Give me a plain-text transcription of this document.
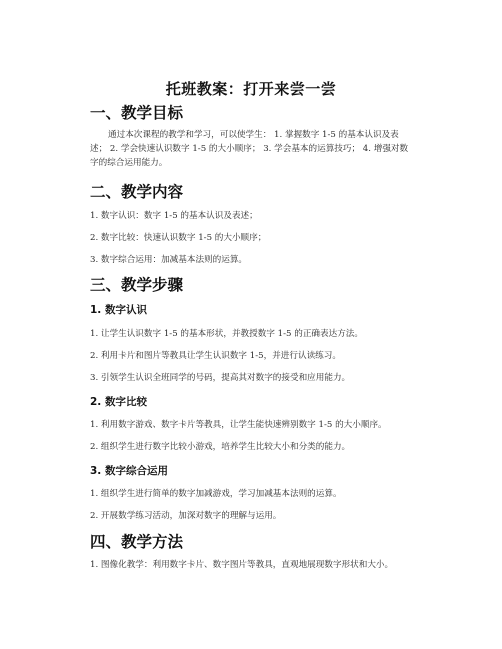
托班教案：打开来尝一尝
一、教学目标
通过本次课程的教学和学习，可以使学生： 1. 掌握数字 1-5 的基本认识及表
述； 2. 学会快速认识数字 1-5 的大小顺序； 3. 学会基本的运算技巧； 4. 增强对数
字的综合运用能力。
二、教学内容
1. 数字认识：数字 1-5 的基本认识及表述；
2. 数字比较：快速认识数字 1-5 的大小顺序；
3. 数字综合运用：加减基本法则的运算。
三、教学步骤
1. 数字认识
1. 让学生认识数字 1-5 的基本形状，并教授数字 1-5 的正确表达方法。
2. 利用卡片和图片等教具让学生认识数字 1-5，并进行认读练习。
3. 引领学生认识全班同学的号码，提高其对数字的接受和应用能力。
2. 数字比较
1. 利用数字游戏、数字卡片等教具，让学生能快速辨别数字 1-5 的大小顺序。
2. 组织学生进行数字比较小游戏，培养学生比较大小和分类的能力。
3. 数字综合运用
1. 组织学生进行简单的数字加减游戏，学习加减基本法则的运算。
2. 开展数学练习活动，加深对数字的理解与运用。
四、教学方法
1. 图像化教学：利用数字卡片、数字图片等教具，直观地展现数字形状和大小。
